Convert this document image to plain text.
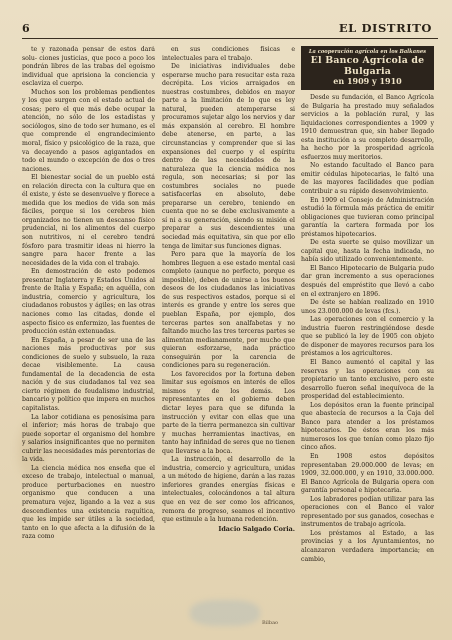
6	EL DISTRITO

te y razonada pensar de estos dará solu- ciones justicias, que poco a poco los pondrán libres de las trabas del egoísmo individual que aprisiona la conciencia y esclaviza el cuerpo.

Muchos son los problemas pendientes y los que surgen con el estado actual de cosas; pero el que más debe ocupar la atención, no sólo de los estadistas y sociólogos, sino de todo ser humano, es el que comprende el engrandecimiento moral, físico y psicológico de la raza, que va decayendo a pasos agigantados en todo el mundo o excepción de dos o tres naciones.

El bienestar social de un pueblo está en relación directa con la cultura que en él existe, y éste se desenvuelve y florece a medida que los medios de vida son más fáciles, porque si los cerebros bien organizados no tienen un descanso físico prudencial, ni los alimentos del cuerpo son nutritivos, ni el cerebro tendrá fósforo para trasmitir ideas ni hierro la sangre para hacer frente a las necesidades de la vida con el trabajo.

En demostración de esto podemos presentar Inglaterra y Estados Unidos al frente de Italia y España; en aquélla, con industria, comercio y agricultura, los ciudadanos robustos y ágiles; en las otras naciones como las citadas, donde el aspecto físico es enfermizo, las fuentes de producción están extenuadas.

En España, a pesar de ser una de las naciones más productivas por sus condiciones de suelo y subsuelo, la raza decae visiblemente. La causa fundamental de la decadencia de esta nación y de sus ciudadanos tal vez sea cierto régimen de feudalismo industrial, bancario y político que impera en muchos capitalistas.

La labor cotidiana es penosísima para el inferior; más horas de trabajo que puede soportar el organismo del hombre y salarios insignificantes que no permiten cubrir las necesidades más perentorias de la vida.

La ciencia médica nos enseña que el exceso de trabajo, intelectual o manual, produce perturbaciones en nuestro organismo que conducen a una prematura vejez, ligando a la vez a sus descendientes una existencia raquítica, que les impide ser útiles a la sociedad, tanto en lo que afecta a la difusión de la raza como

en sus condiciones físicas e intelectuales para el trabajo.

De iniciativas individuales debe esperarse mucho para resucitar esta raza decrépita. Los vicios arraigados en nuestras costumbres, debidos en mayor parte a la limitación de lo que es ley natural, pueden atemperarse si procuramos sujetar algo los nervios y dar más expansión al cerebro. El hombre debe atenerse, en parte, a las circunstancias y comprender que si las expansiones del cuerpo y el espíritu dentro de las necesidades de la naturaleza que la ciencia médica nos regula, son necesarias; si por las costumbres sociales no puede satisfacerlas en absoluto, debe prepararse un cerebro, teniendo en cuenta que no se debe exclusivamente a sí ni a su generación, siendo su misión el preparar a sus descendientes una sociedad más equitativa, sin que por ello tenga de limitar sus funciones dignas.

Pero para que la mayoría de los hombres lleguen a ese estado mental casi completo (aunque no perfecto, porque es imposible), deben de unirse a los buenos deseos de los ciudadanos las iniciativas de sus respectivos estados, porque si el interés es grande y entre los seres que pueblan España, por ejemplo, dos terceras partes son analfabetas y no faltando mucho las tres terceras partes se alimentan medianamente, por mucho que quieran esforzarse, nada práctico conseguirán por la carencia de condiciones para su regeneración.

Los favorecidos por la fortuna deben limitar sus egoísmos en interés de ellos mismos y de los demás. Los representantes en el gobierno deben dictar leyes para que se difunda la instrucción y evitar con ellas que una parte de la tierra permanezca sin cultivar y muchas herramientas inactivas, en tanto hay infinidad de seres que no tienen que llevarse a la boca.

La instrucción, el desarrollo de la industria, comercio y agricultura, unidas a un método de higiene, darán a las razas inferiores grandes energías físicas e intelectuales, colocándonos a tal altura que en vez de ser como los africanos, remora de progreso, seamos el incentivo que estimule a la humana redención.

Idacio Salgado Coria.

La cooperación agrícola en los Balkanes
El Banco Agrícola de Bulgaria
en 1909 y 1910

Desde su fundación, el Banco Agrícola de Bulgaria ha prestado muy señalados servicios a la población rural, y las liquidaciones correspondientes a 1909 y 1910 demuestran que, sin haber llegado esta institución a su completo desarrollo, ha hecho por la prosperidad agrícola esfuerzos muy meritorios.

No estando facultado el Banco para emitir cédulas hipotecarias, le faltó una de las mayores facilidades que podían contribuir a su rápido desenvolvimiento.

En 1909 el Consejo de Administración estudió la fórmula más práctica de emitir obligaciones que tuvieran como principal garantía la cartera formada por los préstamos hipotecarios.

De esta suerte se quiso movilizar un capital que, hasta la fecha indicada, no había sido utilizado convenientemente.

El Banco Hipotecario de Bulgaria pudo dar gran incremento a sus operaciones después del empréstito que llevó a cabo en el extranjero en 1896.

De éste se habían realizado en 1910 unos 23.000.000 de levas (fcs.).

Las operaciones con el comercio y la industria fueron restringiéndose desde que se publicó la ley de 1905 con objeto de disponer de mayores recursos para los préstamos a los agricultores.

El Banco aumentó el capital y las reservas y las operaciones con su propietario un tanto exclusivo, pero este desarrollo fueron señal inequívoca de la prosperidad del establecimiento.

Los depósitos eran la fuente principal que abastecía de recursos a la Caja del Banco para atender a los préstamos hipotecarios. De éstos eran los más numerosos los que tenían como plazo fijo cinco años.

En 1908 estos depósitos representaban 29.000.000 de levas; en 1909, 32.000.000, y en 1910, 33.000.000. El Banco Agrícola de Bulgaria opera con garantía personal e hipotecaria.

Los labradores podían utilizar para las operaciones con el Banco el valor representado por sus ganados, cosechas e instrumentos de trabajo agrícola.

Los préstamos al Estado, a las provincias y a los Ayuntamientos, no alcanzaron verdadera importancia; en cambio,

Bilbao
